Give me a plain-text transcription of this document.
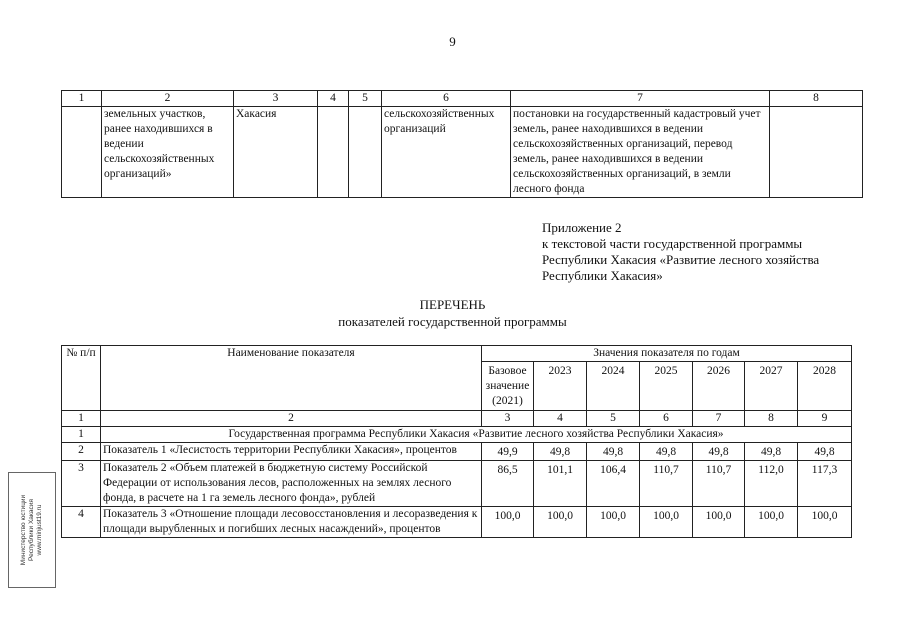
9
1	2	3	4	5	6	7	8
	земельных участков, ранее находившихся в ведении сельскохозяйственных организаций»	Хакасия			сельскохозяйственных организаций	постановки на государственный кадастровый учет земель, ранее находившихся в ведении сельскохозяйственных организаций, перевод земель, ранее находившихся в ведении сельскохозяйственных организаций, в земли лесного фонда	
Приложение 2
к текстовой части государственной программы
Республики Хакасия «Развитие лесного хозяйства
Республики Хакасия»
ПЕРЕЧЕНЬ
показателей государственной программы
№ п/п	Наименование показателя	Значения показателя по годам						
		Базовое значение (2021)	2023	2024	2025	2026	2027	2028
1	2	3	4	5	6	7	8	9
1	Государственная программа Республики Хакасия «Развитие лесного хозяйства Республики Хакасия»							
2	Показатель 1 «Лесистость территории Республики Хакасия», процентов	49,9	49,8	49,8	49,8	49,8	49,8	49,8
3	Показатель 2 «Объем платежей в бюджетную систему Российской Федерации от использования лесов, расположенных на землях лесного фонда, в расчете на 1 га земель лесного фонда», рублей	86,5	101,1	106,4	110,7	110,7	112,0	117,3
4	Показатель 3 «Отношение площади лесовосстановления и лесоразведения к площади вырубленных и погибших лесных насаждений», процентов	100,0	100,0	100,0	100,0	100,0	100,0	100,0
Министерство юстиции Республики Хакасия www.minjust19.ru
